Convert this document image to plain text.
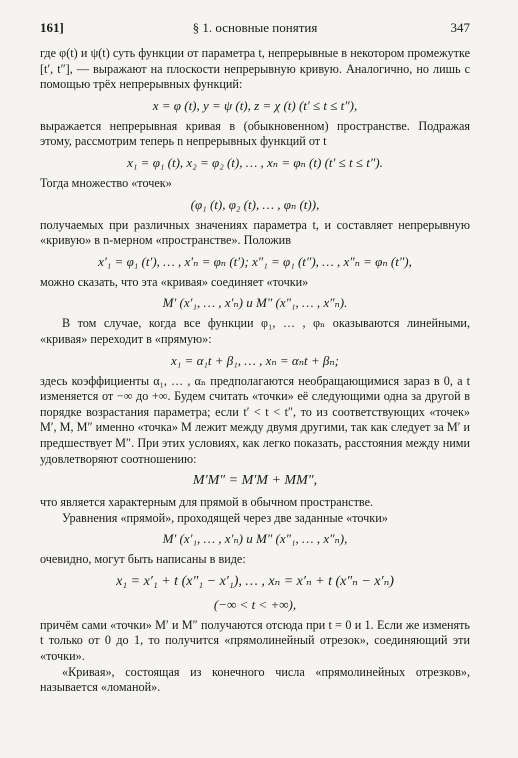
161]	§ 1. основные понятия	347
где φ(t) и ψ(t) суть функции от параметра t, непрерывные в некотором промежутке [t′, t″], — выражают на плоскости непрерывную кривую. Аналогично, но лишь с помощью трёх непрерывных функций:
x = φ (t), y = ψ (t), z = χ (t) (t′ ≤ t ≤ t″),
выражается непрерывная кривая в (обыкновенном) пространстве. Подражая этому, рассмотрим теперь n непрерывных функций от t
x₁ = φ₁ (t), x₂ = φ₂ (t), … , xₙ = φₙ (t) (t′ ≤ t ≤ t″).
Тогда множество «точек»
(φ₁ (t), φ₂ (t), … , φₙ (t)),
получаемых при различных значениях параметра t, и составляет непрерывную «кривую» в n-мерном «пространстве». Положив
x′₁ = φ₁ (t′), … , x′ₙ = φₙ (t′); x″₁ = φ₁ (t″), … , x″ₙ = φₙ (t″),
можно сказать, что эта «кривая» соединяет «точки»
M′ (x′₁, … , x′ₙ) и M″ (x″₁, … , x″ₙ).
В том случае, когда все функции φ₁, … , φₙ оказываются линейными, «кривая» переходит в «прямую»:
x₁ = α₁t + β₁, … , xₙ = αₙt + βₙ;
здесь коэффициенты α₁, … , αₙ предполагаются необращающимися зараз в 0, а t изменяется от −∞ до +∞. Будем считать «точки» её следующими одна за другой в порядке возрастания параметра; если t′ < t < t″, то из соответствующих «точек» M′, M, M″ именно «точка» M лежит между двумя другими, так как следует за M′ и предшествует M″. При этих условиях, как легко показать, расстояния между ними удовлетворяют соотношению:
M′M″ = M′M + MM″,
что является характерным для прямой в обычном пространстве.
Уравнения «прямой», проходящей через две заданные «точки»
M′ (x′₁, … , x′ₙ) и M″ (x″₁, … , x″ₙ),
очевидно, могут быть написаны в виде:
x₁ = x′₁ + t (x″₁ − x′₁), … , xₙ = x′ₙ + t (x″ₙ − x′ₙ)
(−∞ < t < +∞),
причём сами «точки» M′ и M″ получаются отсюда при t = 0 и 1. Если же изменять t только от 0 до 1, то получится «прямолинейный отрезок», соединяющий эти «точки».
«Кривая», состоящая из конечного числа «прямолинейных отрезков», называется «ломаной».
